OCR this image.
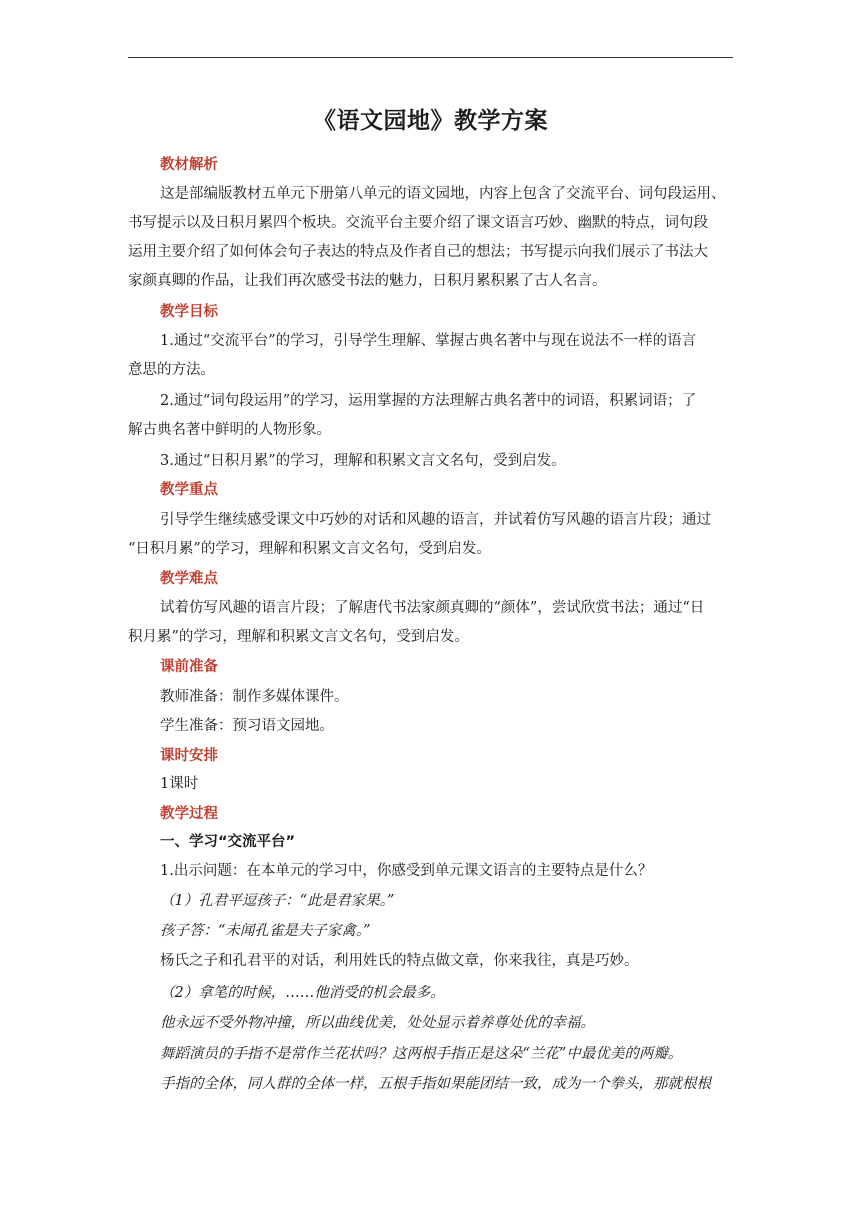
《语文园地》教学方案
教材解析
这是部编版教材五单元下册第八单元的语文园地，内容上包含了交流平台、词句段运用、
书写提示以及日积月累四个板块。交流平台主要介绍了课文语言巧妙、幽默的特点，词句段
运用主要介绍了如何体会句子表达的特点及作者自己的想法；书写提示向我们展示了书法大
家颜真卿的作品，让我们再次感受书法的魅力，日积月累积累了古人名言。
教学目标
1.通过“交流平台”的学习，引导学生理解、掌握古典名著中与现在说法不一样的语言
意思的方法。
2.通过“词句段运用”的学习，运用掌握的方法理解古典名著中的词语，积累词语；了
解古典名著中鲜明的人物形象。
3.通过“日积月累”的学习，理解和积累文言文名句，受到启发。
教学重点
引导学生继续感受课文中巧妙的对话和风趣的语言，并试着仿写风趣的语言片段；通过
“日积月累”的学习，理解和积累文言文名句，受到启发。
教学难点
试着仿写风趣的语言片段；了解唐代书法家颜真卿的“颜体”，尝试欣赏书法；通过“日
积月累”的学习，理解和积累文言文名句，受到启发。
课前准备
教师准备：制作多媒体课件。
学生准备：预习语文园地。
课时安排
1课时
教学过程
一、学习“交流平台”
1.出示问题：在本单元的学习中，你感受到单元课文语言的主要特点是什么？
（1）孔君平逗孩子：“此是君家果。”
孩子答：“未闻孔雀是夫子家禽。”
杨氏之子和孔君平的对话，利用姓氏的特点做文章，你来我往，真是巧妙。
（2）拿笔的时候，……他消受的机会最多。
他永远不受外物冲撞，所以曲线优美，处处显示着养尊处优的幸福。
舞蹈演员的手指不是常作兰花状吗？这两根手指正是这朵“兰花”中最优美的两瓣。
手指的全体，同人群的全体一样，五根手指如果能团结一致，成为一个拳头，那就根根
